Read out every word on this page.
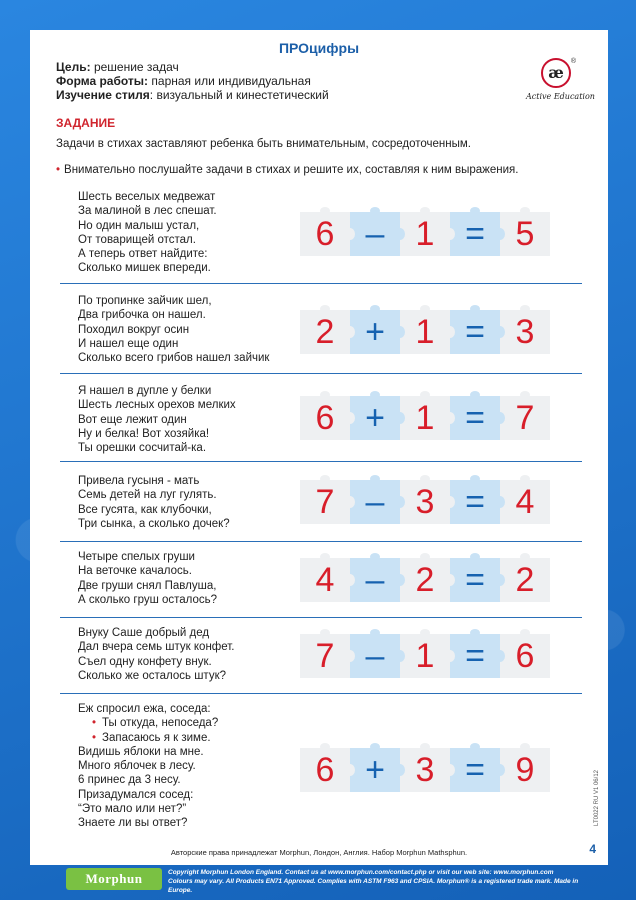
ПРОцифры
Цель: решение задач
Форма работы: парная или индивидуальная
Изучение стиля: визуальный и кинестетический
æ
®
Active Education
ЗАДАНИЕ
Задачи в стихах заставляют ребенка быть внимательным, сосредоточенным.
• Внимательно послушайте задачи в стихах и решите их, составляя к ним выражения.
Шесть веселых медвежат
За малиной в лес спешат.
Но один малыш устал,
От товарищей отстал.
А теперь ответ найдите:
Сколько мишек впереди.
6 – 1 = 5
По тропинке зайчик шел,
Два грибочка он нашел.
Походил вокруг осин
И нашел еще один
Сколько всего грибов нашел зайчик
2 + 1 = 3
Я нашел в дупле у белки
Шесть лесных орехов мелких
Вот еще лежит один
Ну и белка! Вот хозяйка!
Ты орешки сосчитай-ка.
6 + 1 = 7
Привела гусыня - мать
Семь детей на луг гулять.
Все гусята, как клубочки,
Три сынка, а сколько дочек?
7 – 3 = 4
Четыре спелых груши
На веточке качалось.
Две груши снял Павлуша,
А сколько груш осталось?
4 – 2 = 2
Внуку Саше добрый дед
Дал вчера семь штук конфет.
Съел одну конфету внук.
Сколько же осталось штук?
7 – 1 = 6
Еж спросил ежа, соседа:
• Ты откуда, непоседа?
• Запасаюсь я к зиме.
Видишь яблоки на мне.
Много яблочек в лесу.
6 принес да 3 несу.
Призадумался сосед:
“Это мало или нет?”
Знаете ли вы ответ?
6 + 3 = 9
Авторские права принадлежат Morphun, Лондон, Англия. Набор Morphun Mathsphun.	4
LT0022 RU V1 06/12
Morphun	Copyright Morphun London England. Contact us at www.morphun.com/contact.php or visit our web site: www.morphun.com
Colours may vary. All Products EN71 Approved. Complies with ASTM F963 and CPSIA. Morphun® is a registered trade mark. Made in Europe.
